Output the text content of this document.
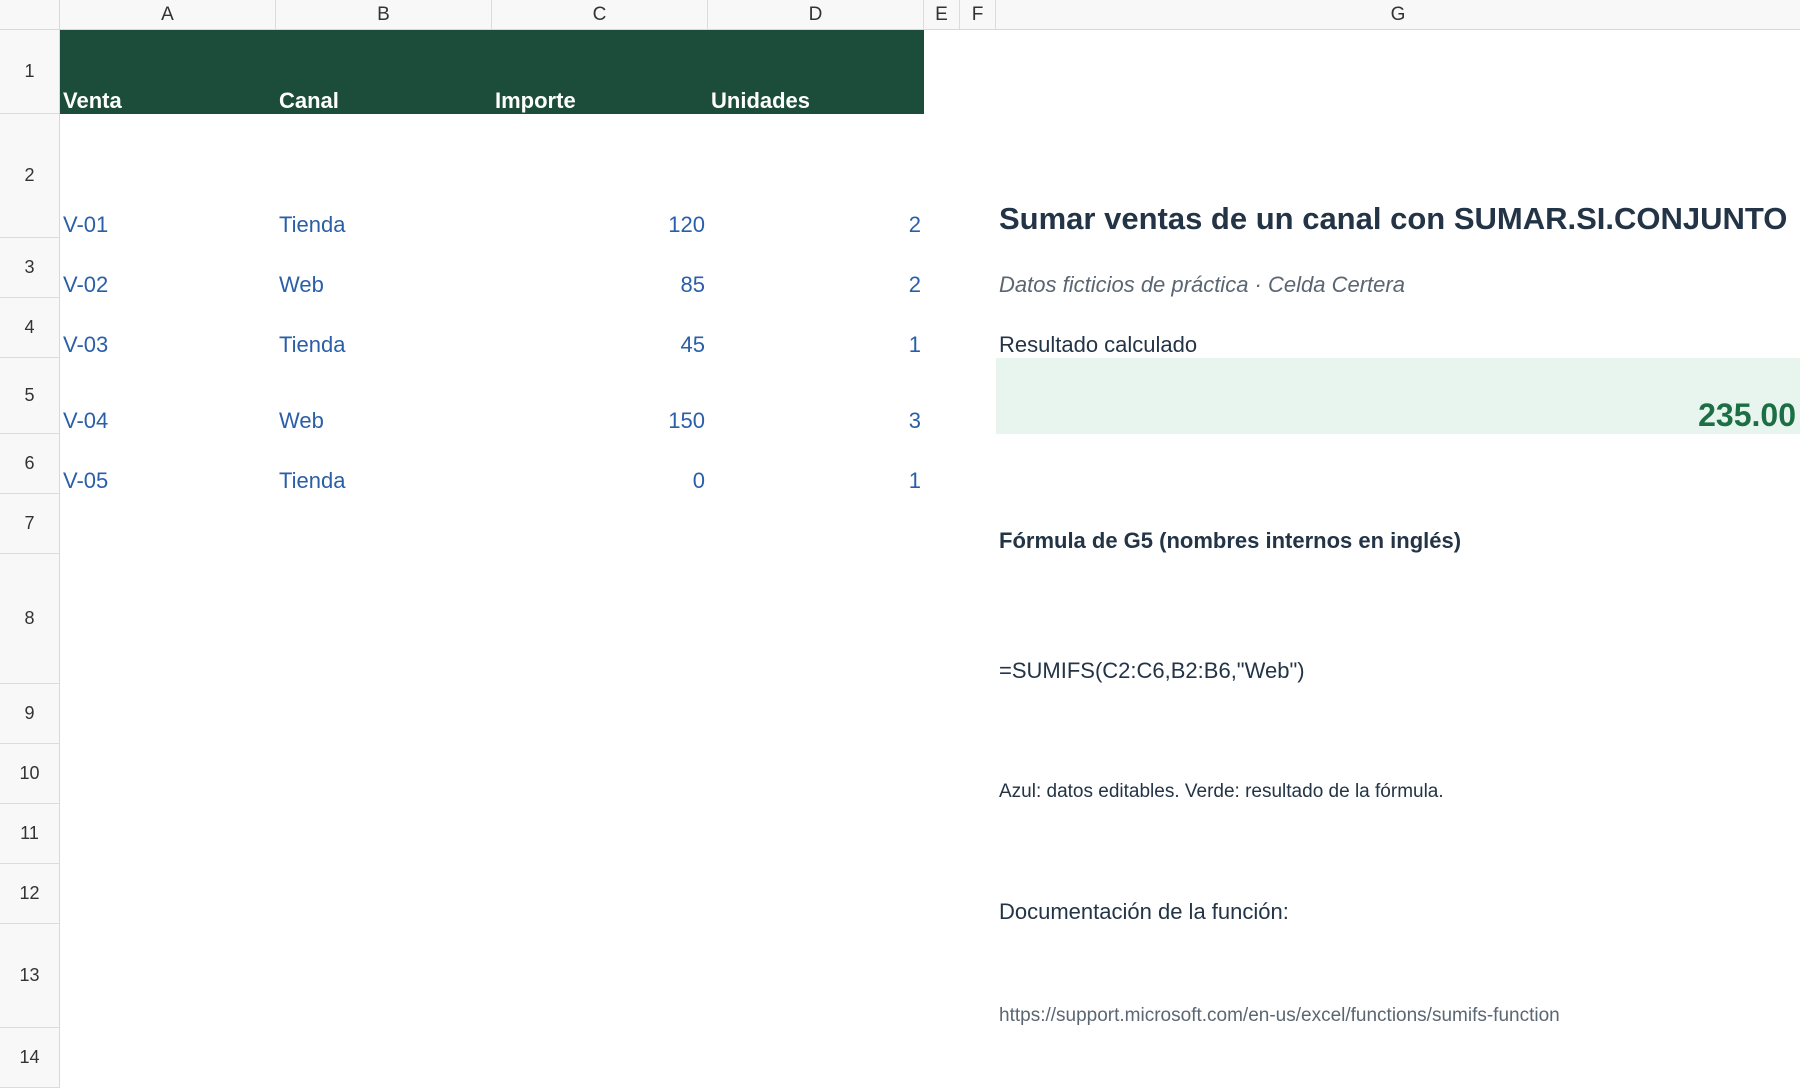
A	B	C	D	E	F	G
1
2
3
4
5
6
7
8
9
10
11
12
13
14
Venta	Canal	Importe	Unidades
V-01	Tienda	120	2
V-02	Web	85	2
V-03	Tienda	45	1
V-04	Web	150	3
V-05	Tienda	0	1
Sumar ventas de un canal con SUMAR.SI.CONJUNTO
Datos ficticios de práctica · Celda Certera
Resultado calculado
235.00
Fórmula de G5 (nombres internos en inglés)
=SUMIFS(C2:C6,B2:B6,"Web")
Azul: datos editables. Verde: resultado de la fórmula.
Documentación de la función:
https://support.microsoft.com/en-us/excel/functions/sumifs-function
